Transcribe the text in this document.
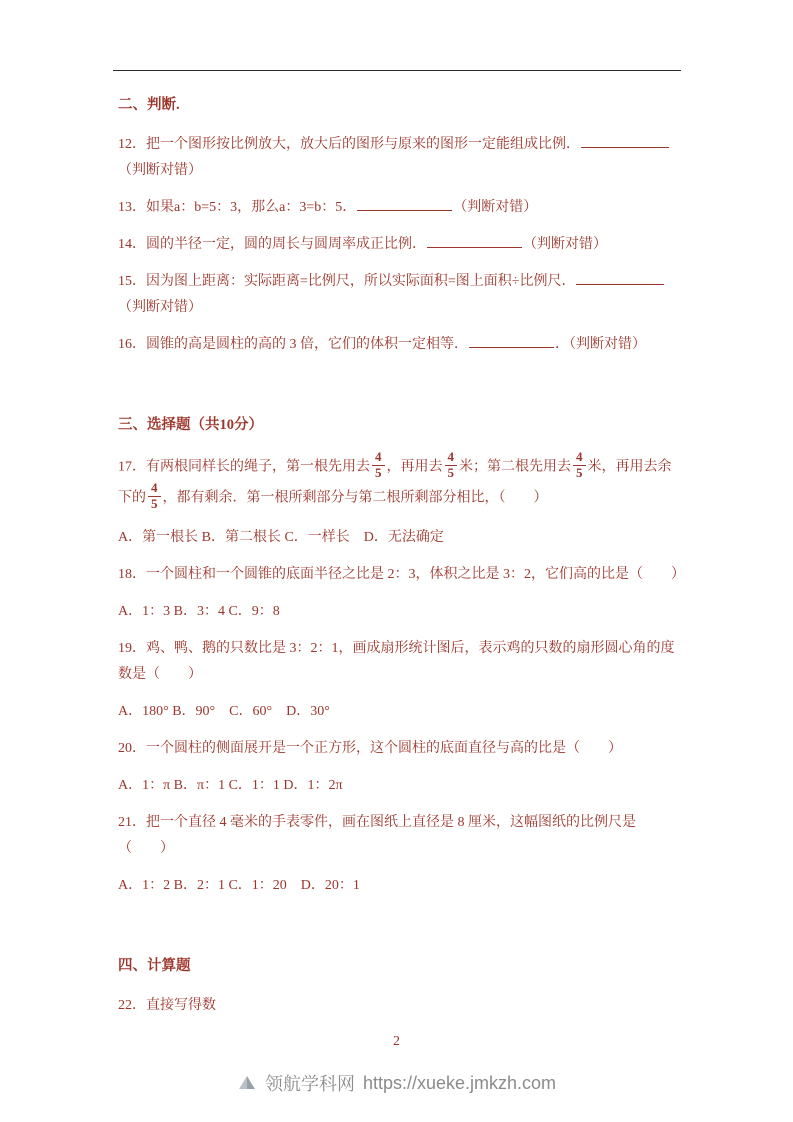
二、判断.
12．把一个图形按比例放大，放大后的图形与原来的图形一定能组成比例．（判断对错）
13．如果a：b=5：3，那么a：3=b：5．	（判断对错）
14．圆的半径一定，圆的周长与圆周率成正比例．	（判断对错）
15．因为图上距离：实际距离=比例尺，所以实际面积=图上面积÷比例尺．（判断对错）
16．圆锥的高是圆柱的高的 3 倍，它们的体积一定相等．	．（判断对错）
三、选择题（共10分）
17．有两根同样长的绳子，第一根先用去 $\frac{4}{5}$ ，再用去 $\frac{4}{5}$ 米；第二根先用去 $\frac{4}{5}$ 米，再用去余下的 $\frac{4}{5}$ ，都有剩余．第一根所剩部分与第二根所剩部分相比，（　　）
A．第一根长 B．第二根长 C．一样长　D．无法确定
18．一个圆柱和一个圆锥的底面半径之比是 2：3，体积之比是 3：2，它们高的比是（　　）
A．1：3 B．3：4 C．9：8
19．鸡、鸭、鹅的只数比是 3：2：1，画成扇形统计图后，表示鸡的只数的扇形圆心角的度数是（　　）
A．180° B．90°　C．60°　D．30°
20．一个圆柱的侧面展开是一个正方形，这个圆柱的底面直径与高的比是（　　）
A．1：π B．π：1 C．1：1 D．1：2π
21．把一个直径 4 毫米的手表零件，画在图纸上直径是 8 厘米，这幅图纸的比例尺是（　　）
A．1：2 B．2：1 C．1：20　D．20：1
四、计算题
22．直接写得数
2
领航学科网 https://xueke.jmkzh.com
